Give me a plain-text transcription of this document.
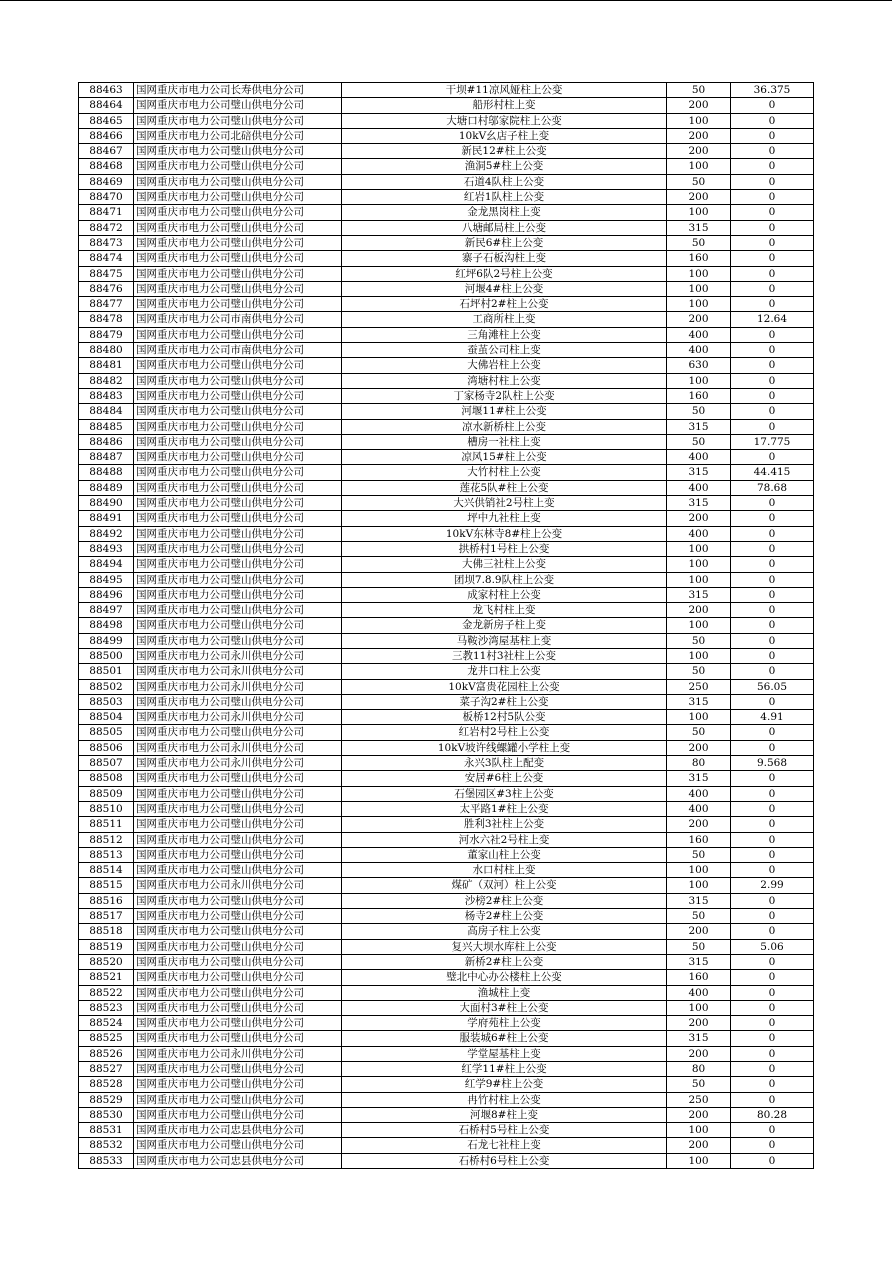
88463	国网重庆市电力公司长寿供电分公司	干坝#11凉风娅柱上公变	50	36.375
88464	国网重庆市电力公司璧山供电分公司	船形村柱上变	200	0
88465	国网重庆市电力公司璧山供电分公司	大塘口村邬家院柱上公变	100	0
88466	国网重庆市电力公司北碚供电分公司	10kV幺店子柱上变	200	0
88467	国网重庆市电力公司璧山供电分公司	新民12#柱上公变	200	0
88468	国网重庆市电力公司璧山供电分公司	渔洞5#柱上公变	100	0
88469	国网重庆市电力公司璧山供电分公司	石道4队柱上公变	50	0
88470	国网重庆市电力公司璧山供电分公司	红岩1队柱上公变	200	0
88471	国网重庆市电力公司璧山供电分公司	金龙黑岗柱上变	100	0
88472	国网重庆市电力公司璧山供电分公司	八塘邮局柱上公变	315	0
88473	国网重庆市电力公司璧山供电分公司	新民6#柱上公变	50	0
88474	国网重庆市电力公司璧山供电分公司	寨子石板沟柱上变	160	0
88475	国网重庆市电力公司璧山供电分公司	红坪6队2号柱上公变	100	0
88476	国网重庆市电力公司璧山供电分公司	河堰4#柱上公变	100	0
88477	国网重庆市电力公司璧山供电分公司	石坪村2#柱上公变	100	0
88478	国网重庆市电力公司市南供电分公司	工商所柱上变	200	12.64
88479	国网重庆市电力公司璧山供电分公司	三角滩柱上公变	400	0
88480	国网重庆市电力公司市南供电分公司	蚕茧公司柱上变	400	0
88481	国网重庆市电力公司璧山供电分公司	大佛岩柱上公变	630	0
88482	国网重庆市电力公司璧山供电分公司	湾塘村柱上公变	100	0
88483	国网重庆市电力公司璧山供电分公司	丁家杨寺2队柱上公变	160	0
88484	国网重庆市电力公司璧山供电分公司	河堰11#柱上公变	50	0
88485	国网重庆市电力公司璧山供电分公司	凉水新桥柱上公变	315	0
88486	国网重庆市电力公司璧山供电分公司	槽房一社柱上变	50	17.775
88487	国网重庆市电力公司璧山供电分公司	凉风15#柱上公变	400	0
88488	国网重庆市电力公司璧山供电分公司	大竹村柱上公变	315	44.415
88489	国网重庆市电力公司璧山供电分公司	莲花5队#柱上公变	400	78.68
88490	国网重庆市电力公司璧山供电分公司	大兴供销社2号柱上变	315	0
88491	国网重庆市电力公司璧山供电分公司	坪中九社柱上变	200	0
88492	国网重庆市电力公司璧山供电分公司	10kV东林寺8#柱上公变	400	0
88493	国网重庆市电力公司璧山供电分公司	拱桥村1号柱上公变	100	0
88494	国网重庆市电力公司璧山供电分公司	大佛三社柱上公变	100	0
88495	国网重庆市电力公司璧山供电分公司	团坝7.8.9队柱上公变	100	0
88496	国网重庆市电力公司璧山供电分公司	成家村柱上公变	315	0
88497	国网重庆市电力公司璧山供电分公司	龙飞村柱上变	200	0
88498	国网重庆市电力公司璧山供电分公司	金龙新房子柱上变	100	0
88499	国网重庆市电力公司璧山供电分公司	马鞍沙湾屋基柱上变	50	0
88500	国网重庆市电力公司永川供电分公司	三教11村3社柱上公变	100	0
88501	国网重庆市电力公司永川供电分公司	龙井口柱上公变	50	0
88502	国网重庆市电力公司永川供电分公司	10kV富贵花园柱上公变	250	56.05
88503	国网重庆市电力公司璧山供电分公司	菜子沟2#柱上公变	315	0
88504	国网重庆市电力公司永川供电分公司	板桥12村5队公变	100	4.91
88505	国网重庆市电力公司璧山供电分公司	红岩村2号柱上公变	50	0
88506	国网重庆市电力公司永川供电分公司	10kV坡许线螺罐小学柱上变	200	0
88507	国网重庆市电力公司永川供电分公司	永兴3队柱上配变	80	9.568
88508	国网重庆市电力公司璧山供电分公司	安居#6柱上公变	315	0
88509	国网重庆市电力公司璧山供电分公司	石堡园区#3柱上公变	400	0
88510	国网重庆市电力公司璧山供电分公司	太平路1#柱上公变	400	0
88511	国网重庆市电力公司璧山供电分公司	胜利3社柱上公变	200	0
88512	国网重庆市电力公司璧山供电分公司	河水六社2号柱上变	160	0
88513	国网重庆市电力公司璧山供电分公司	董家山柱上公变	50	0
88514	国网重庆市电力公司璧山供电分公司	水口村柱上变	100	0
88515	国网重庆市电力公司永川供电分公司	煤矿（双河）柱上公变	100	2.99
88516	国网重庆市电力公司璧山供电分公司	沙榜2#柱上公变	315	0
88517	国网重庆市电力公司璧山供电分公司	杨寺2#柱上公变	50	0
88518	国网重庆市电力公司璧山供电分公司	高房子柱上公变	200	0
88519	国网重庆市电力公司璧山供电分公司	复兴大坝水库柱上公变	50	5.06
88520	国网重庆市电力公司璧山供电分公司	新桥2#柱上公变	315	0
88521	国网重庆市电力公司璧山供电分公司	璧北中心办公楼柱上公变	160	0
88522	国网重庆市电力公司璧山供电分公司	渔城柱上变	400	0
88523	国网重庆市电力公司璧山供电分公司	大面村3#柱上公变	100	0
88524	国网重庆市电力公司璧山供电分公司	学府苑柱上公变	200	0
88525	国网重庆市电力公司璧山供电分公司	服装城6#柱上公变	315	0
88526	国网重庆市电力公司永川供电分公司	学堂屋基柱上变	200	0
88527	国网重庆市电力公司璧山供电分公司	红学11#柱上公变	80	0
88528	国网重庆市电力公司璧山供电分公司	红学9#柱上公变	50	0
88529	国网重庆市电力公司璧山供电分公司	冉竹村柱上公变	250	0
88530	国网重庆市电力公司璧山供电分公司	河堰8#柱上变	200	80.28
88531	国网重庆市电力公司忠县供电分公司	石桥村5号柱上公变	100	0
88532	国网重庆市电力公司璧山供电分公司	石龙七社柱上变	200	0
88533	国网重庆市电力公司忠县供电分公司	石桥村6号柱上公变	100	0
